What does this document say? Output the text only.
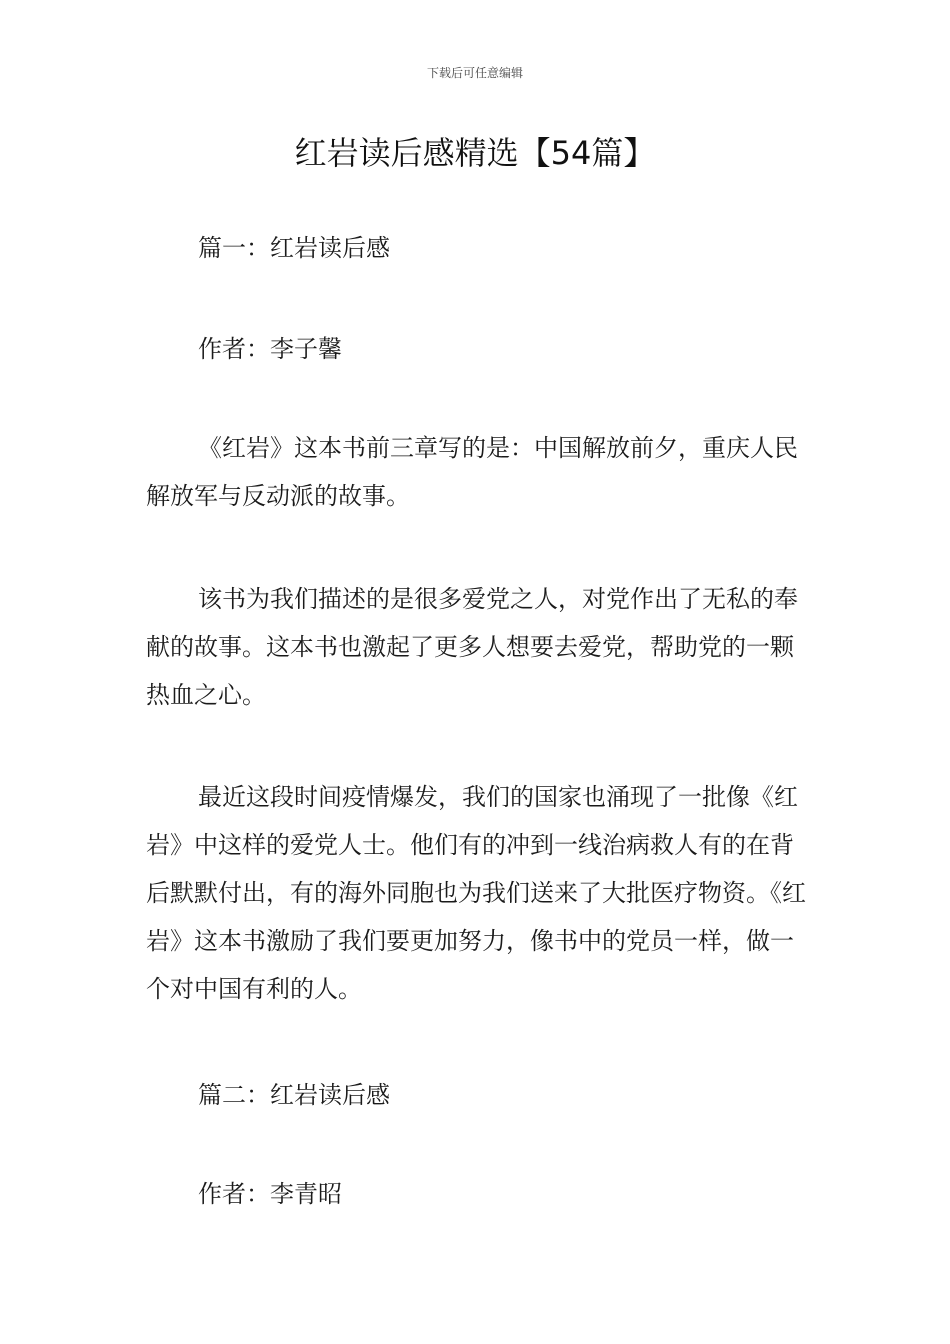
下载后可任意编辑
红岩读后感精选【54篇】

篇一：红岩读后感

作者：李子馨

《红岩》这本书前三章写的是：中国解放前夕，重庆人民解放军与反动派的故事。

该书为我们描述的是很多爱党之人，对党作出了无私的奉献的故事。这本书也激起了更多人想要去爱党，帮助党的一颗热血之心。

最近这段时间疫情爆发，我们的国家也涌现了一批像《红岩》中这样的爱党人士。他们有的冲到一线治病救人有的在背后默默付出，有的海外同胞也为我们送来了大批医疗物资。《红岩》这本书激励了我们要更加努力，像书中的党员一样，做一个对中国有利的人。

篇二：红岩读后感

作者：李青昭
